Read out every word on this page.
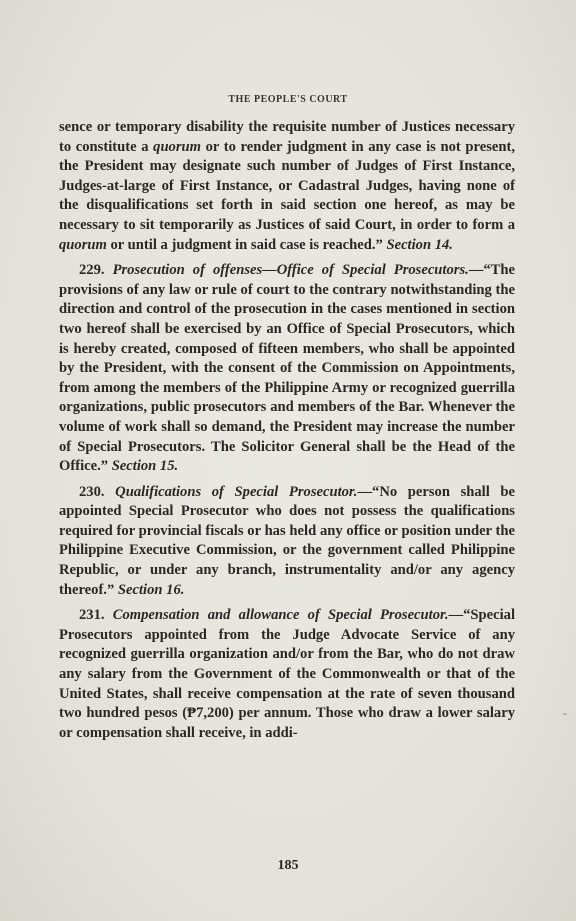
THE PEOPLE'S COURT

sence or temporary disability the requisite number of Justices necessary to constitute a quorum or to render judgment in any case is not present, the President may designate such number of Judges of First Instance, Judges-at-large of First Instance, or Cadastral Judges, having none of the disqualifications set forth in said section one hereof, as may be necessary to sit temporarily as Justices of said Court, in order to form a quorum or until a judgment in said case is reached.” Section 14.

229. Prosecution of offenses—Office of Special Prosecutors.—“The provisions of any law or rule of court to the contrary notwithstanding the direction and control of the prosecution in the cases mentioned in section two hereof shall be exercised by an Office of Special Prosecutors, which is hereby created, composed of fifteen members, who shall be appointed by the President, with the consent of the Commission on Appointments, from among the members of the Philippine Army or recognized guerrilla organizations, public prosecutors and members of the Bar. Whenever the volume of work shall so demand, the President may increase the number of Special Prosecutors. The Solicitor General shall be the Head of the Office.” Section 15.

230. Qualifications of Special Prosecutor.—“No person shall be appointed Special Prosecutor who does not possess the qualifications required for provincial fiscals or has held any office or position under the Philippine Executive Commission, or the government called Philippine Republic, or under any branch, instrumentality and/or any agency thereof.” Section 16.

231. Compensation and allowance of Special Prosecutor.—“Special Prosecutors appointed from the Judge Advocate Service of any recognized guerrilla organization and/or from the Bar, who do not draw any salary from the Government of the Commonwealth or that of the United States, shall receive compensation at the rate of seven thousand two hundred pesos (₱7,200) per annum. Those who draw a lower salary or compensation shall receive, in addi-

-
185
